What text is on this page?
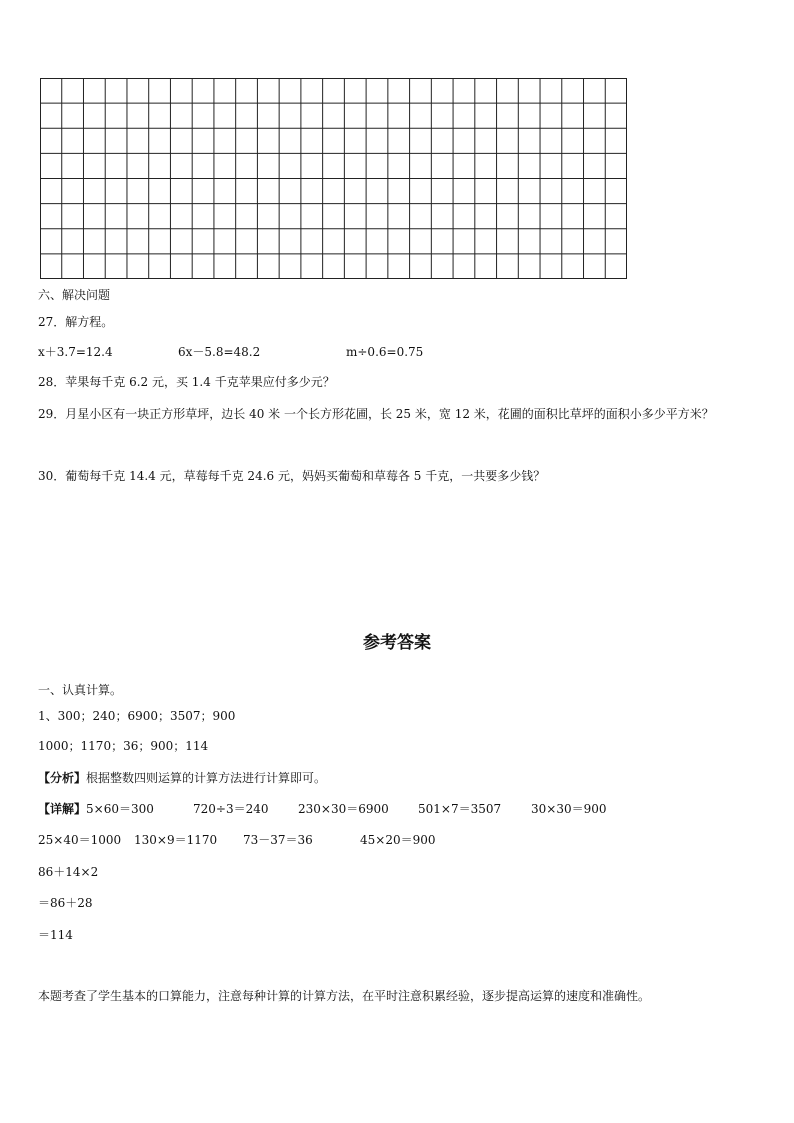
六、解决问题
27．解方程。
x＋3.7=12.4	6x－5.8=48.2	m÷0.6=0.75
28．苹果每千克 6.2 元，买 1.4 千克苹果应付多少元？
29．月星小区有一块正方形草坪，边长 40 米 一个长方形花圃，长 25 米，宽 12 米，花圃的面积比草坪的面积小多少平方米？
30．葡萄每千克 14.4 元，草莓每千克 24.6 元，妈妈买葡萄和草莓各 5 千克，一共要多少钱？
参考答案
一、认真计算。
1、300；240；6900；3507；900
1000；1170；36；900；114
【分析】根据整数四则运算的计算方法进行计算即可。
【详解】5×60＝300	720÷3＝240 230×30＝6900 501×7＝3507 30×30＝900
25×40＝1000 130×9＝1170 73－37＝36	45×20＝900
86＋14×2
＝86＋28
＝114
本题考查了学生基本的口算能力，注意每种计算的计算方法，在平时注意积累经验，逐步提高运算的速度和准确性。
